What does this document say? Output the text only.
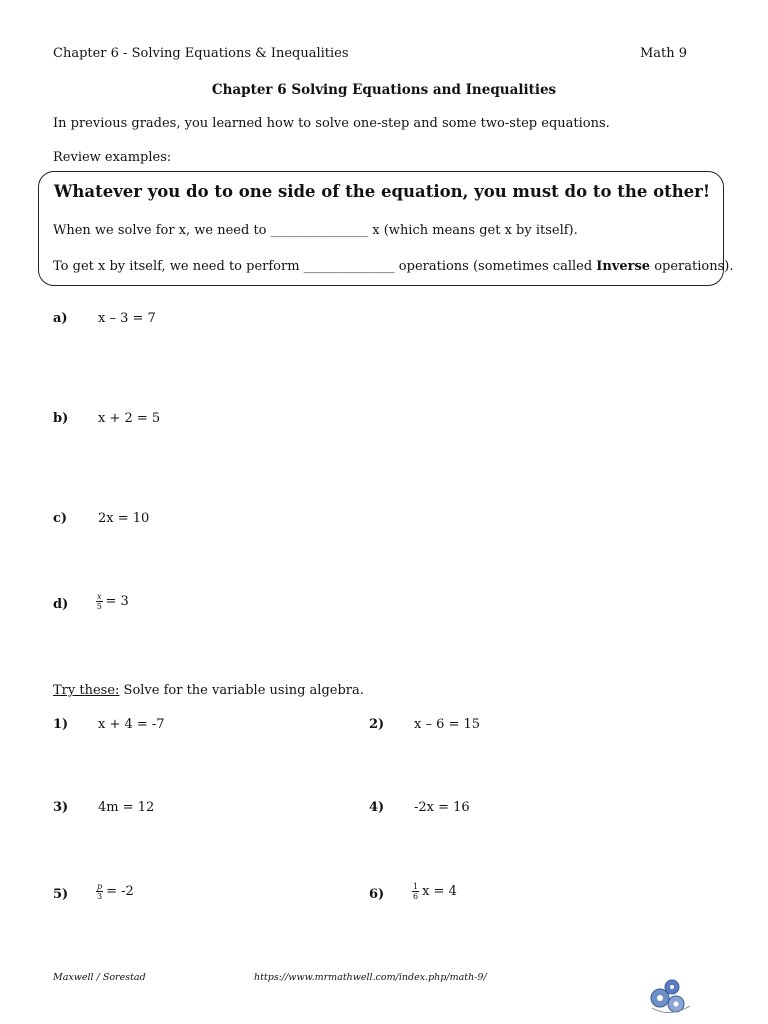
Chapter 6 - Solving Equations & Inequalities	Math 9
Chapter 6 Solving Equations and Inequalities
In previous grades, you learned how to solve one-step and some two-step equations.
Review examples:
Whatever you do to one side of the equation, you must do to the other!
When we solve for x, we need to _______________ x (which means get x by itself).
To get x by itself, we need to perform ______________ operations (sometimes called Inverse operations).
a) x – 3 = 7
b) x + 2 = 5
c) 2x = 10
d)	$\frac{x}{5} = 3$
Try these: Solve for the variable using algebra.
1) x + 4 = -7	2) x – 6 = 15
3) 4m = 12	4) -2x = 16
5)	$\frac{p}{3} = -2$	6)	$\frac{1}{6}$ x = 4
Maxwell / Sorestad	https://www.mrmathwell.com/index.php/math-9/
